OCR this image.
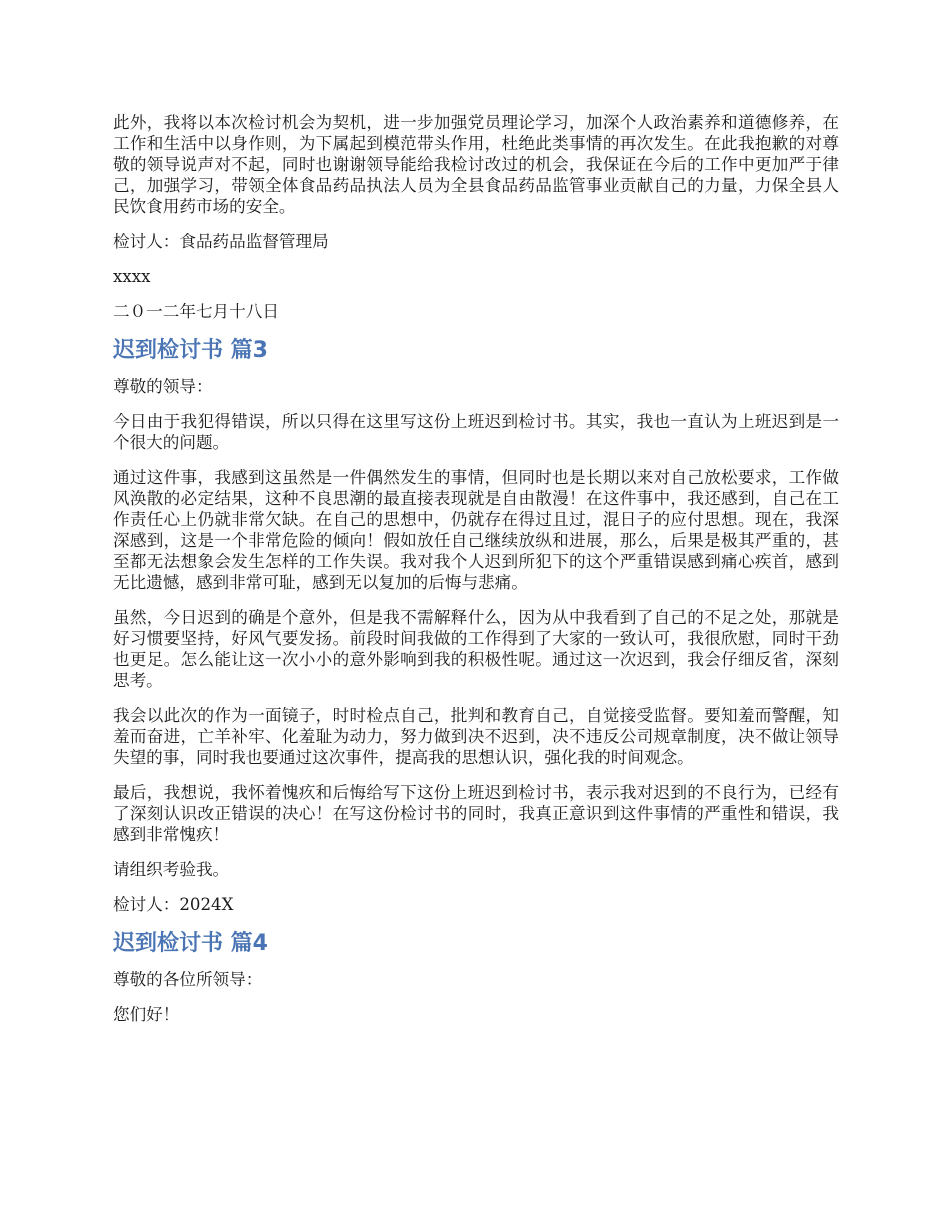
此外，我将以本次检讨机会为契机，进一步加强党员理论学习，加深个人政治素养和道德修养，在工作和生活中以身作则，为下属起到模范带头作用，杜绝此类事情的再次发生。在此我抱歉的对尊敬的领导说声对不起，同时也谢谢领导能给我检讨改过的机会，我保证在今后的工作中更加严于律己，加强学习，带领全体食品药品执法人员为全县食品药品监管事业贡献自己的力量，力保全县人民饮食用药市场的安全。

检讨人：食品药品监督管理局

xxxx

二０一二年七月十八日

迟到检讨书 篇3

尊敬的领导：

今日由于我犯得错误，所以只得在这里写这份上班迟到检讨书。其实，我也一直认为上班迟到是一个很大的问题。

通过这件事，我感到这虽然是一件偶然发生的事情，但同时也是长期以来对自己放松要求，工作做风涣散的必定结果，这种不良思潮的最直接表现就是自由散漫！在这件事中，我还感到，自己在工作责任心上仍就非常欠缺。在自己的思想中，仍就存在得过且过，混日子的应付思想。现在，我深深感到，这是一个非常危险的倾向！假如放任自己继续放纵和进展，那么，后果是极其严重的，甚至都无法想象会发生怎样的工作失误。我对我个人迟到所犯下的这个严重错误感到痛心疾首，感到无比遗憾，感到非常可耻，感到无以复加的后悔与悲痛。

虽然，今日迟到的确是个意外，但是我不需解释什么，因为从中我看到了自己的不足之处，那就是好习惯要坚持，好风气要发扬。前段时间我做的工作得到了大家的一致认可，我很欣慰，同时干劲也更足。怎么能让这一次小小的意外影响到我的积极性呢。通过这一次迟到，我会仔细反省，深刻思考。

我会以此次的作为一面镜子，时时检点自己，批判和教育自己，自觉接受监督。要知羞而警醒，知羞而奋进，亡羊补牢、化羞耻为动力，努力做到决不迟到，决不违反公司规章制度，决不做让领导失望的事，同时我也要通过这次事件，提高我的思想认识，强化我的时间观念。

最后，我想说，我怀着愧疚和后悔给写下这份上班迟到检讨书，表示我对迟到的不良行为，已经有了深刻认识改正错误的决心！在写这份检讨书的同时，我真正意识到这件事情的严重性和错误，我感到非常愧疚！

请组织考验我。

检讨人：2024X

迟到检讨书 篇4

尊敬的各位所领导：

您们好！
